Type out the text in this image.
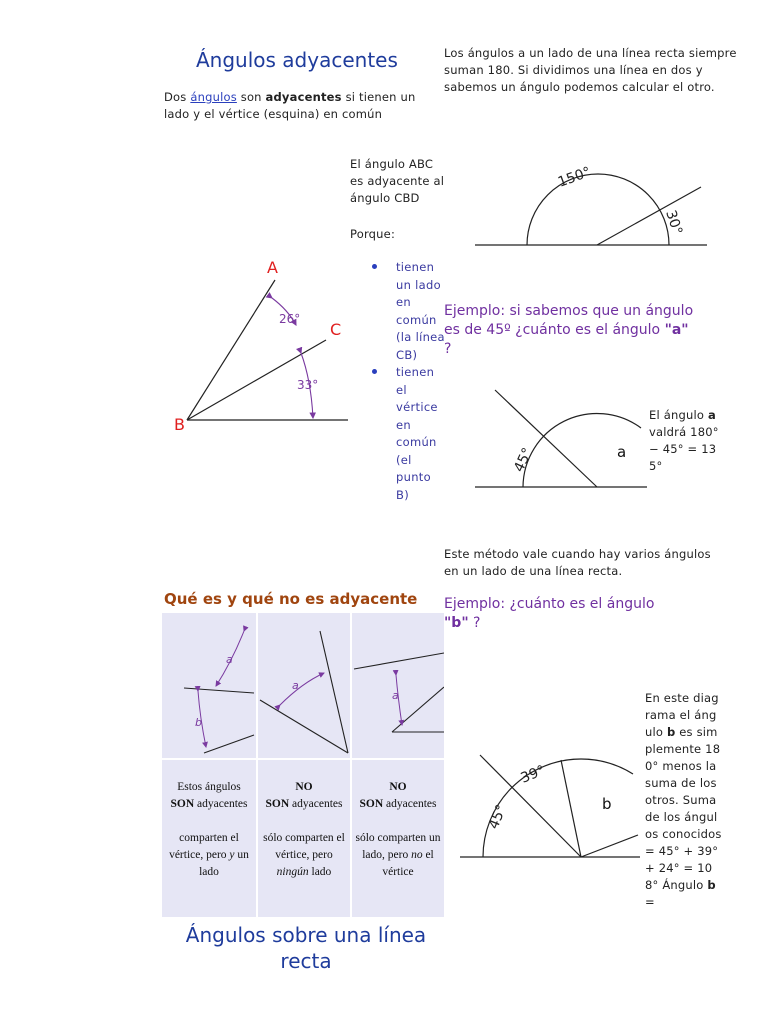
Ángulos adyacentes
Dos ángulos son adyacentes si tienen un lado y el vértice (esquina) en común
Los ángulos a un lado de una línea recta siempre suman 180. Si dividimos una línea en dos y sabemos un ángulo podemos calcular el otro.
El ángulo ABC es adyacente al ángulo CBD
Porque:
tienen un lado en común (la línea CB)
tienen el vértice en común (el punto B)
A
C
B
26°
33°
150°
30°
Ejemplo: si sabemos que un ángulo es de 45º ¿cuánto es el ángulo "a" ?
45°	a
El ángulo a valdrá 180° − 45° = 135°
Este método vale cuando hay varios ángulos en un lado de una línea recta.
Ejemplo: ¿cuánto es el ángulo "b" ?
45°
39°
b
En este diagrama el ángulo b es simplemente 180° menos la suma de los otros. Suma de los ángulos conocidos = 45° + 39° + 24° = 108° Ángulo b =
Qué es y qué no es adyacente
a
b
a
a
Estos ángulos SON adyacentes

comparten el vértice, pero y un lado
NO
SON adyacentes

sólo comparten el vértice, pero ningún lado
NO
SON adyacentes

sólo comparten un lado, pero no el vértice
Ángulos sobre una línea recta
